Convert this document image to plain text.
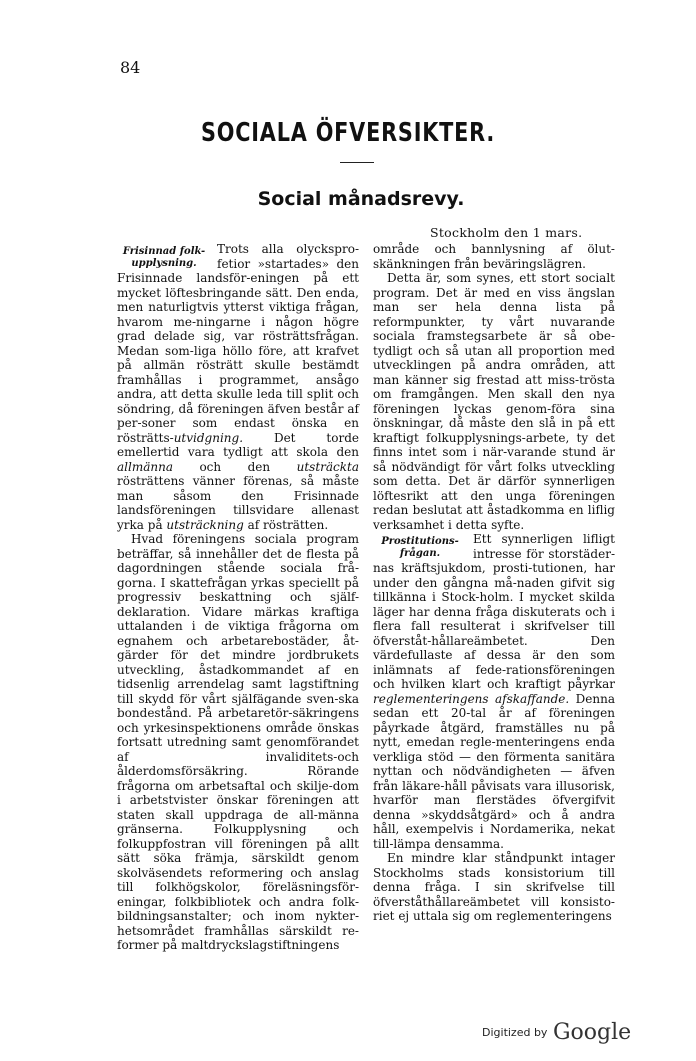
84
SOCIALA ÖFVERSIKTER.
Social månadsrevy.
Stockholm den 1 mars.

Frisinnad folk-upplysning.
Trots alla olyckspro-fetior »startades» den Frisinnade landsför-eningen på ett mycket löftesbringande sätt. Den enda, men naturligtvis ytterst viktiga frågan, hvarom me-ningarne i någon högre grad delade sig, var rösträttsfrågan. Medan som-liga höllo före, att krafvet på allmän rösträtt skulle bestämdt framhållas i programmet, ansågo andra, att detta skulle leda till split och söndring, då föreningen äfven består af per-soner som endast önska en rösträtts-utvidgning. Det torde emellertid vara tydligt att skola den allmänna och den utsträckta rösträttens vänner förenas, så måste man såsom den Frisinnade landsföreningen tillsvidare allenast yrka på utsträckning af rösträtten.

Hvad föreningens sociala program beträffar, så innehåller det de flesta på dagordningen stående sociala frå-gorna. I skattefrågan yrkas speciellt på progressiv beskattning och själf-deklaration. Vidare märkas kraftiga uttalanden i de viktiga frågorna om egnahem och arbetarebostäder, åt-gärder för det mindre jordbrukets utveckling, åstadkommandet af en tidsenlig arrendelag samt lagstiftning till skydd för vårt själfägande sven-ska bondestånd. På arbetaretör-säkringens och yrkesinspektionens område önskas fortsatt utredning samt genomförandet af invaliditets-och ålderdomsförsäkring. Rörande frågorna om arbetsaftal och skilje-dom i arbetstvister önskar föreningen att staten skall uppdraga de all-männa gränserna. Folkupplysning och folkuppfostran vill föreningen på allt sätt söka främja, särskildt genom skolväsendets reformering och anslag till folkhögskolor, föreläsningsför-eningar, folkbibliotek och andra folk-bildningsanstalter; och inom nykter-hetsområdet framhållas särskildt re-former på maltdryckslagstiftningens

område och bannlysning af ölut-skänkningen från beväringslägren.

Detta är, som synes, ett stort socialt program. Det är med en viss ängslan man ser hela denna lista på reformpunkter, ty vårt nuvarande sociala framstegsarbete är så obe-tydligt och så utan all proportion med utvecklingen på andra områden, att man känner sig frestad att miss-trösta om framgången. Men skall den nya föreningen lyckas genom-föra sina önskningar, då måste den slå in på ett kraftigt folkupplysnings-arbete, ty det finns intet som i när-varande stund är så nödvändigt för vårt folks utveckling som detta. Det är därför synnerligen löftesrikt att den unga föreningen redan beslutat att åstadkomma en liflig verksamhet i detta syfte.

Prostitutions-frågan.
Ett synnerligen lifligt intresse för storstäder-nas kräftsjukdom, prosti-tutionen, har under den gångna må-naden gifvit sig tillkänna i Stock-holm. I mycket skilda läger har denna fråga diskuterats och i flera fall resulterat i skrifvelser till öfverståt-hållareämbetet. Den värdefullaste af dessa är den som inlämnats af fede-rationsföreningen och hvilken klart och kraftigt påyrkar reglementeringens afskaffande. Denna sedan ett 20-tal år af föreningen påyrkade åtgärd, framställes nu på nytt, emedan regle-menteringens enda verkliga stöd — den förmenta sanitära nyttan och nödvändigheten — äfven från läkare-håll påvisats vara illusorisk, hvarför man flerstädes öfvergifvit denna »skyddsåtgärd» och å andra håll, exempelvis i Nordamerika, nekat till-lämpa densamma.

En mindre klar ståndpunkt intager Stockholms stads konsistorium till denna fråga. I sin skrifvelse till öfverståthållareämbetet vill konsisto-riet ej uttala sig om reglementeringens

Digitized by Google
